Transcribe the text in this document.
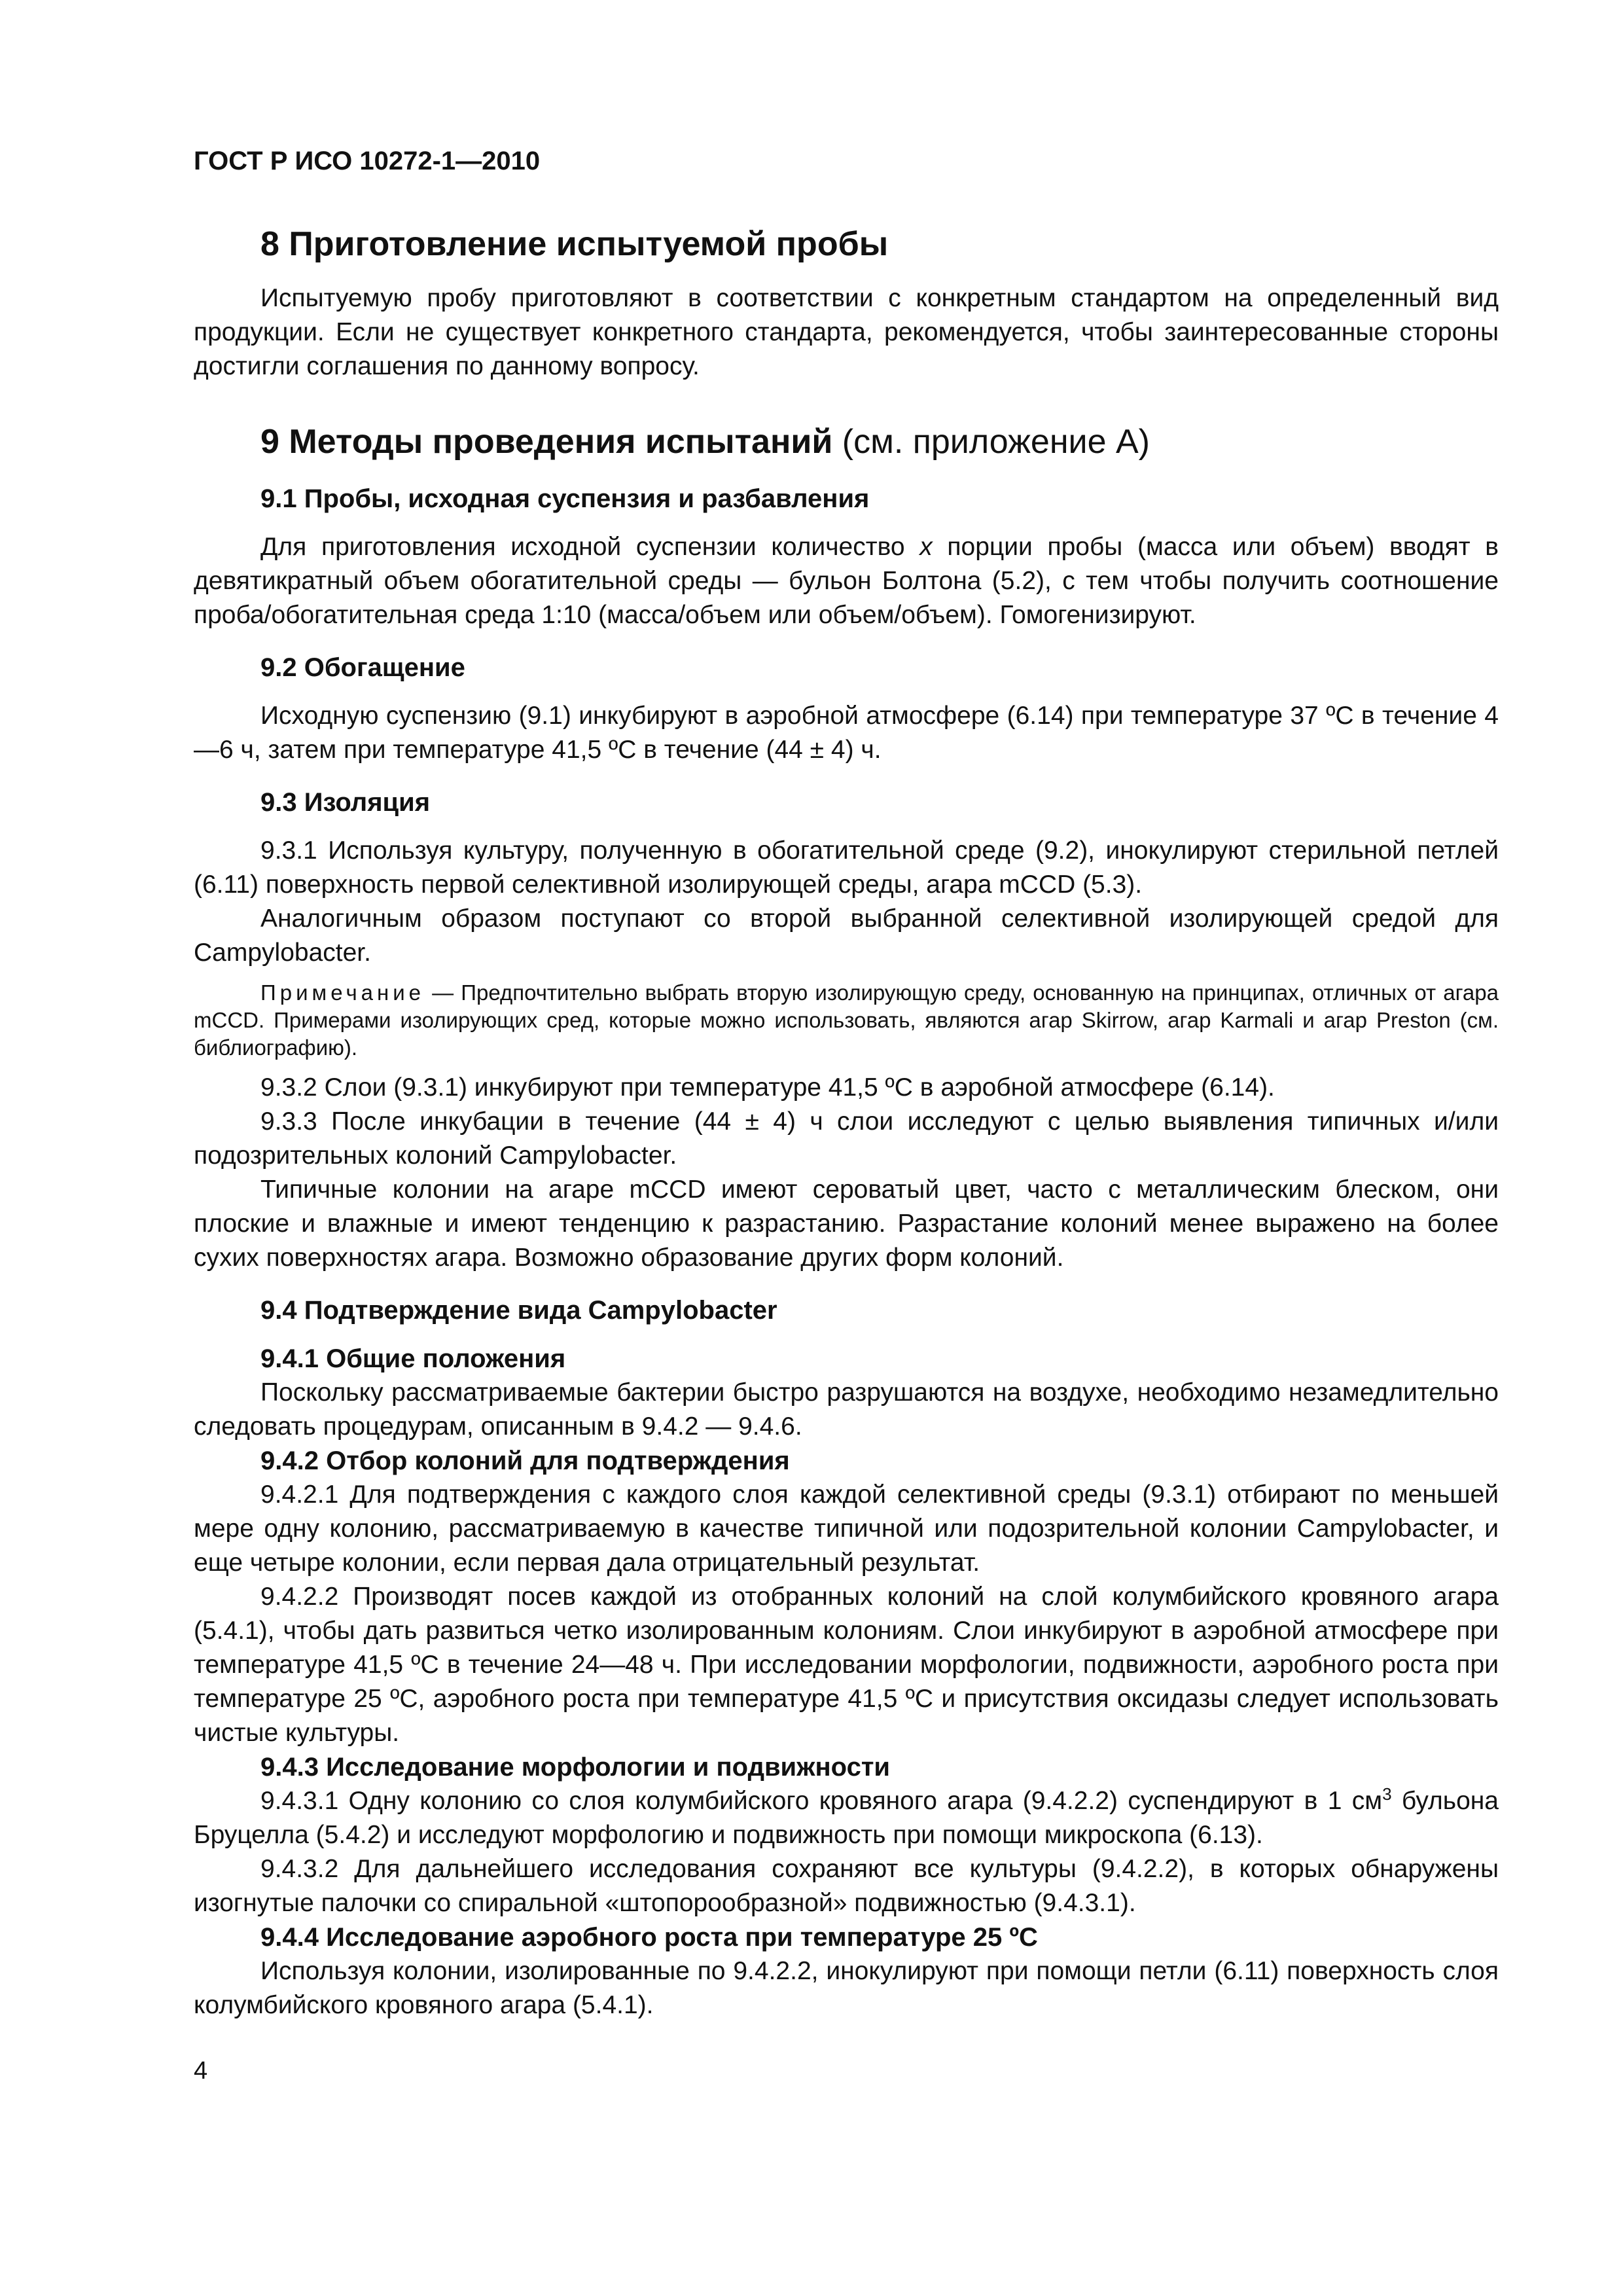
ГОСТ Р ИСО 10272-1—2010
8 Приготовление испытуемой пробы

Испытуемую пробу приготовляют в соответствии с конкретным стандартом на определенный вид продукции. Если не существует конкретного стандарта, рекомендуется, чтобы заинтересованные стороны достигли соглашения по данному вопросу.

9 Методы проведения испытаний (см. приложение А)
9.1 Пробы, исходная суспензия и разбавления

Для приготовления исходной суспензии количество x порции пробы (масса или объем) вводят в девятикратный объем обогатительной среды — бульон Болтона (5.2), с тем чтобы получить соотношение проба/обогатительная среда 1:10 (масса/объем или объем/объем). Гомогенизируют.

9.2 Обогащение

Исходную суспензию (9.1) инкубируют в аэробной атмосфере (6.14) при температуре 37 ºС в течение 4—6 ч, затем при температуре 41,5 ºС в течение (44 ± 4) ч.

9.3 Изоляция

9.3.1 Используя культуру, полученную в обогатительной среде (9.2), инокулируют стерильной петлей (6.11) поверхность первой селективной изолирующей среды, агара mCCD (5.3).

Аналогичным образом поступают со второй выбранной селективной изолирующей средой для Campylobacter.

Примечание — Предпочтительно выбрать вторую изолирующую среду, основанную на принципах, отличных от агара mCCD. Примерами изолирующих сред, которые можно использовать, являются агар Skirrow, агар Karmali и агар Preston (см. библиографию).

9.3.2 Слои (9.3.1) инкубируют при температуре 41,5 ºС в аэробной атмосфере (6.14).

9.3.3 После инкубации в течение (44 ± 4) ч слои исследуют с целью выявления типичных и/или подозрительных колоний Campylobacter.

Типичные колонии на агаре mCCD имеют сероватый цвет, часто с металлическим блеском, они плоские и влажные и имеют тенденцию к разрастанию. Разрастание колоний менее выражено на более сухих поверхностях агара. Возможно образование других форм колоний.

9.4 Подтверждение вида Campylobacter
9.4.1 Общие положения

Поскольку рассматриваемые бактерии быстро разрушаются на воздухе, необходимо незамедлительно следовать процедурам, описанным в 9.4.2 — 9.4.6.

9.4.2 Отбор колоний для подтверждения

9.4.2.1 Для подтверждения с каждого слоя каждой селективной среды (9.3.1) отбирают по меньшей мере одну колонию, рассматриваемую в качестве типичной или подозрительной колонии Campylobacter, и еще четыре колонии, если первая дала отрицательный результат.

9.4.2.2 Производят посев каждой из отобранных колоний на слой колумбийского кровяного агара (5.4.1), чтобы дать развиться четко изолированным колониям. Слои инкубируют в аэробной атмосфере при температуре 41,5 ºС в течение 24—48 ч. При исследовании морфологии, подвижности, аэробного роста при температуре 25 ºС, аэробного роста при температуре 41,5 ºС и присутствия оксидазы следует использовать чистые культуры.

9.4.3 Исследование морфологии и подвижности

9.4.3.1 Одну колонию со слоя колумбийского кровяного агара (9.4.2.2) суспендируют в 1 $см^3$ бульона Бруцелла (5.4.2) и исследуют морфологию и подвижность при помощи микроскопа (6.13).

9.4.3.2 Для дальнейшего исследования сохраняют все культуры (9.4.2.2), в которых обнаружены изогнутые палочки со спиральной «штопорообразной» подвижностью (9.4.3.1).

9.4.4 Исследование аэробного роста при температуре 25 ºС

Используя колонии, изолированные по 9.4.2.2, инокулируют при помощи петли (6.11) поверхность слоя колумбийского кровяного агара (5.4.1).

4
